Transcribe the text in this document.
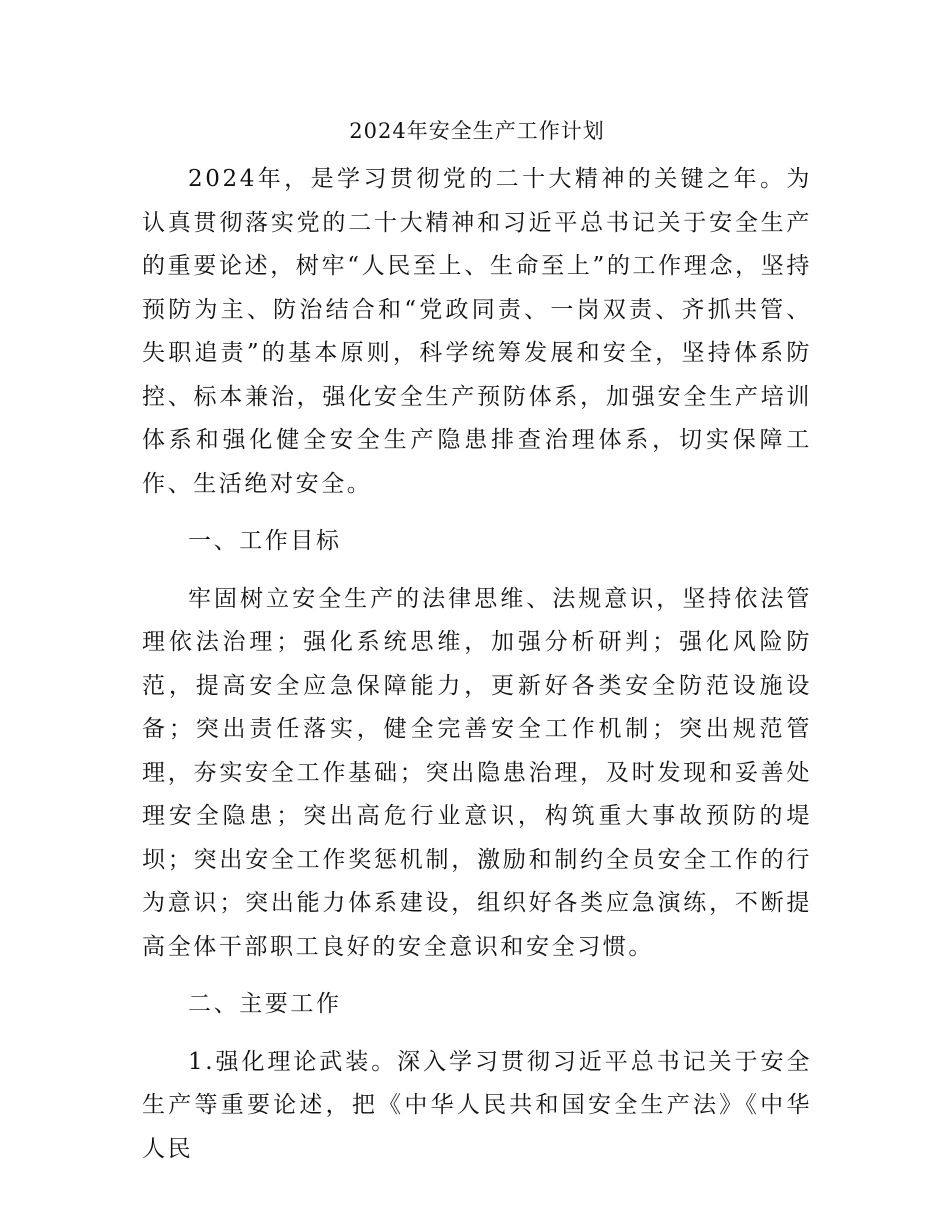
2024年安全生产工作计划

2024年，是学习贯彻党的二十大精神的关键之年。为认真贯彻落实党的二十大精神和习近平总书记关于安全生产的重要论述，树牢“人民至上、生命至上”的工作理念，坚持预防为主、防治结合和“党政同责、一岗双责、齐抓共管、失职追责”的基本原则，科学统筹发展和安全，坚持体系防控、标本兼治，强化安全生产预防体系，加强安全生产培训体系和强化健全安全生产隐患排查治理体系，切实保障工作、生活绝对安全。

一、工作目标

牢固树立安全生产的法律思维、法规意识，坚持依法管理依法治理；强化系统思维，加强分析研判；强化风险防范，提高安全应急保障能力，更新好各类安全防范设施设备；突出责任落实，健全完善安全工作机制；突出规范管理，夯实安全工作基础；突出隐患治理，及时发现和妥善处理安全隐患；突出高危行业意识，构筑重大事故预防的堤坝；突出安全工作奖惩机制，激励和制约全员安全工作的行为意识；突出能力体系建设，组织好各类应急演练，不断提高全体干部职工良好的安全意识和安全习惯。

二、主要工作

1.强化理论武装。深入学习贯彻习近平总书记关于安全生产等重要论述，把《中华人民共和国安全生产法》《中华人民
